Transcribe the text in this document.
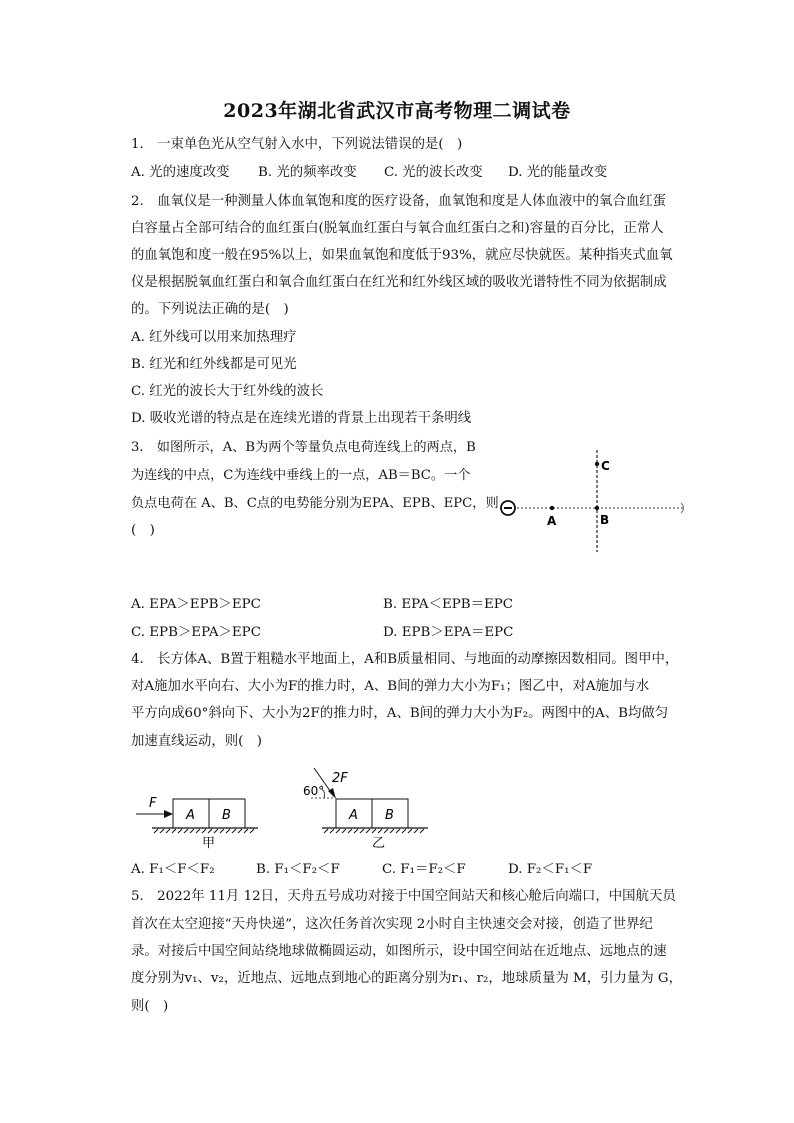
2023年湖北省武汉市高考物理二调试卷
1.　一束单色光从空气射入水中，下列说法错误的是(　)
A. 光的速度改变 B. 光的频率改变 C. 光的波长改变 D. 光的能量改变
2.　血氧仪是一种测量人体血氧饱和度的医疗设备，血氧饱和度是人体血液中的氧合血红蛋
白容量占全部可结合的血红蛋白(脱氧血红蛋白与氧合血红蛋白之和)容量的百分比，正常人
的血氧饱和度一般在95%以上，如果血氧饱和度低于93%，就应尽快就医。某种指夹式血氧
仪是根据脱氧血红蛋白和氧合血红蛋白在红光和红外线区域的吸收光谱特性不同为依据制成
的。下列说法正确的是(　)
A. 红外线可以用来加热理疗
B. 红光和红外线都是可见光
C. 红光的波长大于红外线的波长
D. 吸收光谱的特点是在连续光谱的背景上出现若干条明线
3.　如图所示，A、B为两个等量负点电荷连线上的两点，B
为连线的中点，C为连线中垂线上的一点，AB＝BC。一个
负点电荷在 A、B、C点的电势能分别为EPA、EPB、EPC，则
(　)
C
A	B
A. EPA＞EPB＞EPC	B. EPA＜EPB＝EPC
C. EPB＞EPA＞EPC	D. EPB＞EPA＝EPC
4.　长方体A、B置于粗糙水平地面上，A和B质量相同、与地面的动摩擦因数相同。图甲中，
对A施加水平向右、大小为F的推力时，A、B间的弹力大小为F₁；图乙中，对A施加与水
平方向成60°斜向下、大小为2F的推力时，A、B间的弹力大小为F₂。两图中的A、B均做匀
加速直线运动，则(　)
F
A B
甲
2F
60°
A B
乙
A. F₁＜F＜F₂	B. F₁＜F₂＜F	C. F₁＝F₂＜F	D. F₂＜F₁＜F
5.　2022年 11月 12日，天舟五号成功对接于中国空间站天和核心舱后向端口，中国航天员
首次在太空迎接“天舟快递”，这次任务首次实现 2小时自主快速交会对接，创造了世界纪
录。对接后中国空间站绕地球做椭圆运动，如图所示，设中国空间站在近地点、远地点的速
度分别为v₁、v₂，近地点、远地点到地心的距离分别为r₁、r₂，地球质量为 M，引力量为 G，
则(　)
